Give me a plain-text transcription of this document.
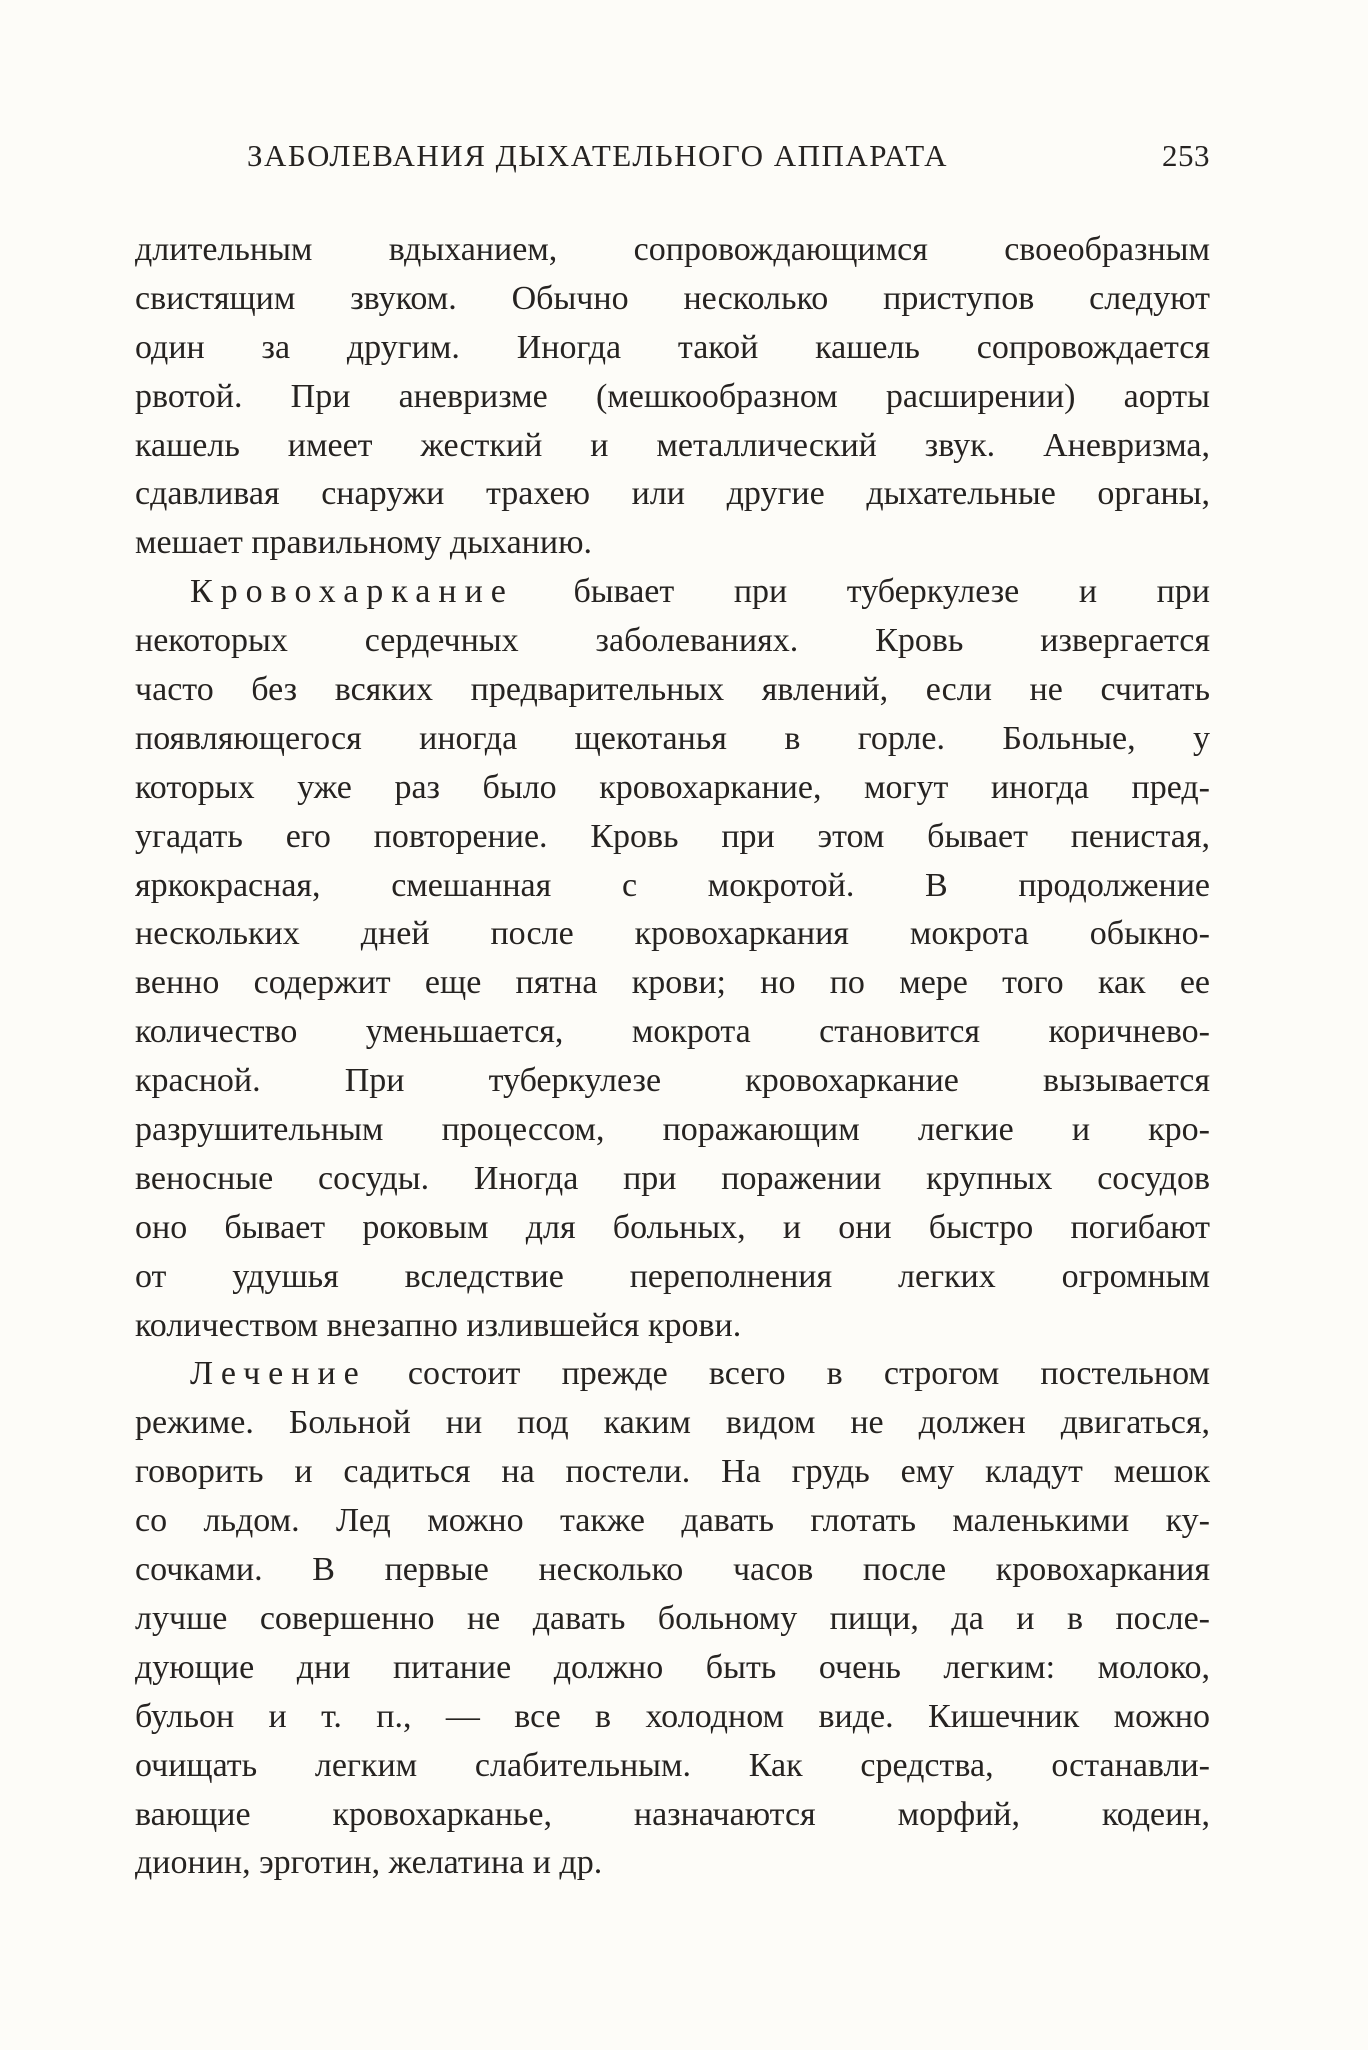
ЗАБОЛЕВАНИЯ ДЫХАТЕЛЬНОГО АППАРАТА	253
длительным вдыханием, сопровождающимся своеобразным
свистящим звуком. Обычно несколько приступов следуют
один за другим. Иногда такой кашель сопровождается
рвотой. При аневризме (мешкообразном расширении) аорты
кашель имеет жесткий и металлический звук. Аневризма,
сдавливая снаружи трахею или другие дыхательные органы,
мешает правильному дыханию.
Кровохаркание бывает при туберкулезе и при
некоторых сердечных заболеваниях. Кровь извергается
часто без всяких предварительных явлений, если не считать
появляющегося иногда щекотанья в горле. Больные, у
которых уже раз было кровохаркание, могут иногда пред-
угадать его повторение. Кровь при этом бывает пенистая,
яркокрасная, смешанная с мокротой. В продолжение
нескольких дней после кровохаркания мокрота обыкно-
венно содержит еще пятна крови; но по мере того как ее
количество уменьшается, мокрота становится коричнево-
красной. При туберкулезе кровохаркание вызывается
разрушительным процессом, поражающим легкие и кро-
веносные сосуды. Иногда при поражении крупных сосудов
оно бывает роковым для больных, и они быстро погибают
от удушья вследствие переполнения легких огромным
количеством внезапно излившейся крови.
Лечение состоит прежде всего в строгом постельном
режиме. Больной ни под каким видом не должен двигаться,
говорить и садиться на постели. На грудь ему кладут мешок
со льдом. Лед можно также давать глотать маленькими ку-
сочками. В первые несколько часов после кровохаркания
лучше совершенно не давать больному пищи, да и в после-
дующие дни питание должно быть очень легким: молоко,
бульон и т. п., — все в холодном виде. Кишечник можно
очищать легким слабительным. Как средства, останавли-
вающие кровохарканье, назначаются морфий, кодеин,
дионин, эрготин, желатина и др.
